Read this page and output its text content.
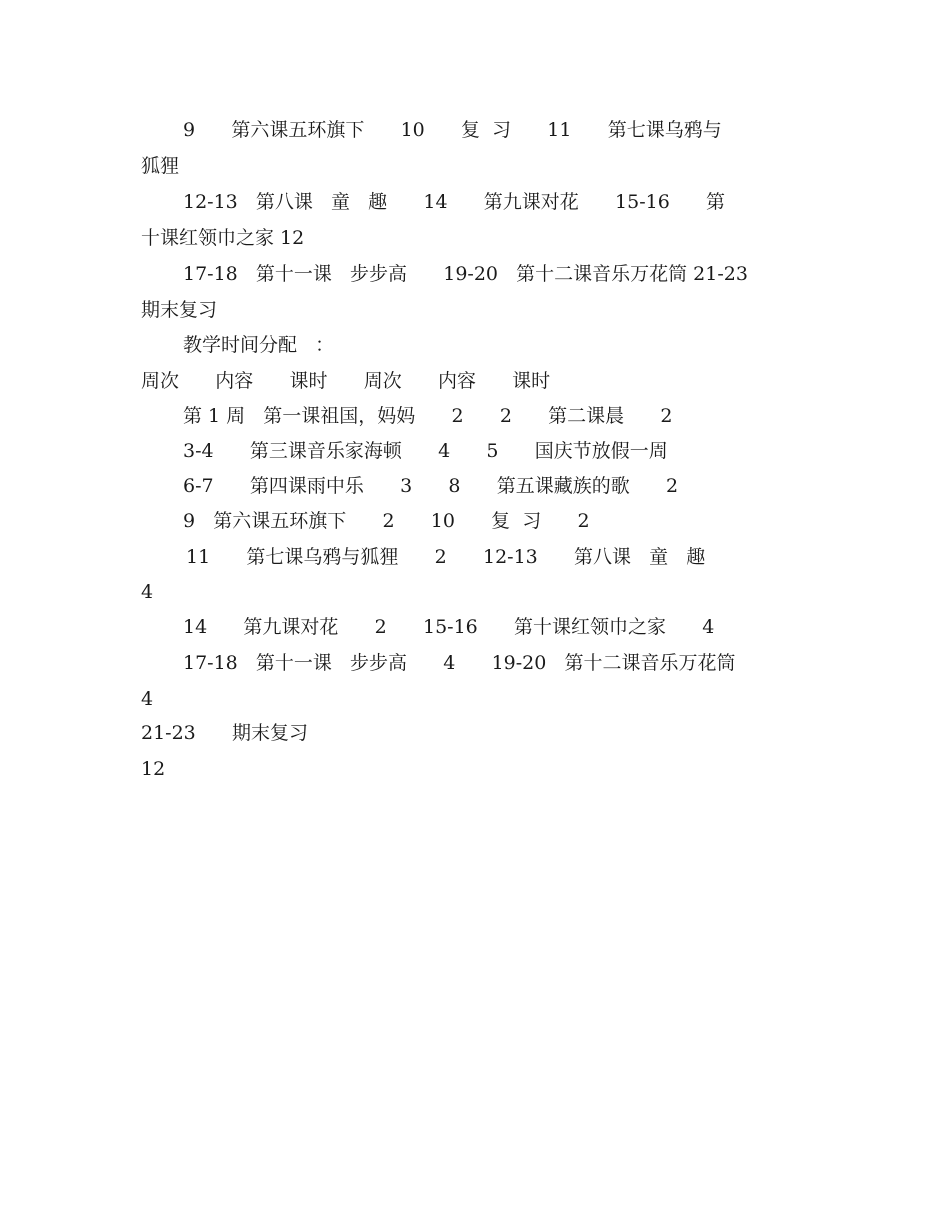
9      第六课五环旗下      10      复  习      11      第七课乌鸦与
狐狸
12-13   第八课   童   趣      14      第九课对花      15-16      第
十课红领巾之家 12
17-18   第十一课   步步高      19-20   第十二课音乐万花筒 21-23
期末复习
教学时间分配   ：
周次      内容      课时      周次      内容      课时
第 1 周   第一课祖国，妈妈      2      2      第二课晨      2
3-4      第三课音乐家海顿      4      5      国庆节放假一周
6-7      第四课雨中乐      3      8      第五课藏族的歌      2
9   第六课五环旗下      2      10      复  习      2
11      第七课乌鸦与狐狸      2      12-13      第八课   童   趣
4
14      第九课对花      2      15-16      第十课红领巾之家      4
17-18   第十一课   步步高      4      19-20   第十二课音乐万花筒
4
21-23      期末复习
12
